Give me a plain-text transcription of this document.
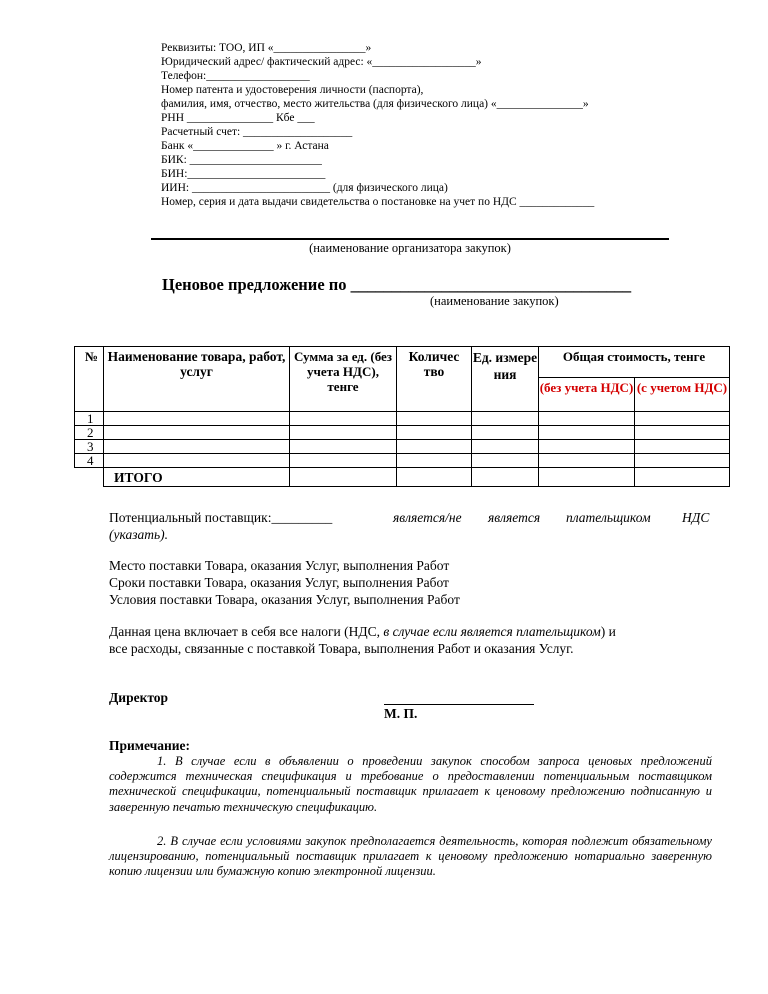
Реквизиты: ТОО, ИП «________________»
Юридический адрес/ фактический адрес: «__________________»
Телефон:__________________
Номер патента и удостоверения личности (паспорта),
фамилия, имя, отчество, место жительства (для физического лица) «_______________»
РНН _______________ Кбе ___
Расчетный счет: ___________________
Банк «______________ » г. Астана
БИК: _______________________
БИН:________________________
ИИН: ________________________ (для физического лица)
Номер, серия и дата выдачи свидетельства о постановке на учет по НДС _____________
(наименование организатора закупок)
Ценовое предложение по __________________________________
(наименование закупок)
№	Наименование товара, работ, услуг	Сумма за ед. (без учета НДС), тенге	Количес тво	Ед. измере ния	Общая стоимость, тенге	
					(без учета НДС)	(с учетом НДС)
1						
2						
3						
4						
	ИТОГО					
Потенциальный поставщик:_________	является/не является плательщиком НДС
(указать).
Место поставки Товара, оказания Услуг, выполнения Работ
Сроки поставки Товара, оказания Услуг, выполнения Работ
Условия поставки Товара, оказания Услуг, выполнения Работ
Данная цена включает в себя все налоги (НДС, в случае если является плательщиком) и
все расходы, связанные с поставкой Товара, выполнения Работ и оказания Услуг.
Директор
М. П.
Примечание:
1. В случае если в объявлении о проведении закупок способом запроса ценовых предложений содержится техническая спецификация и требование о предоставлении потенциальным поставщиком технической спецификации, потенциальный поставщик прилагает к ценовому предложению подписанную и заверенную печатью техническую спецификацию.
2. В случае если условиями закупок предполагается деятельность, которая подлежит обязательному лицензированию, потенциальный поставщик прилагает к ценовому предложению нотариально заверенную копию лицензии или бумажную копию электронной лицензии.
